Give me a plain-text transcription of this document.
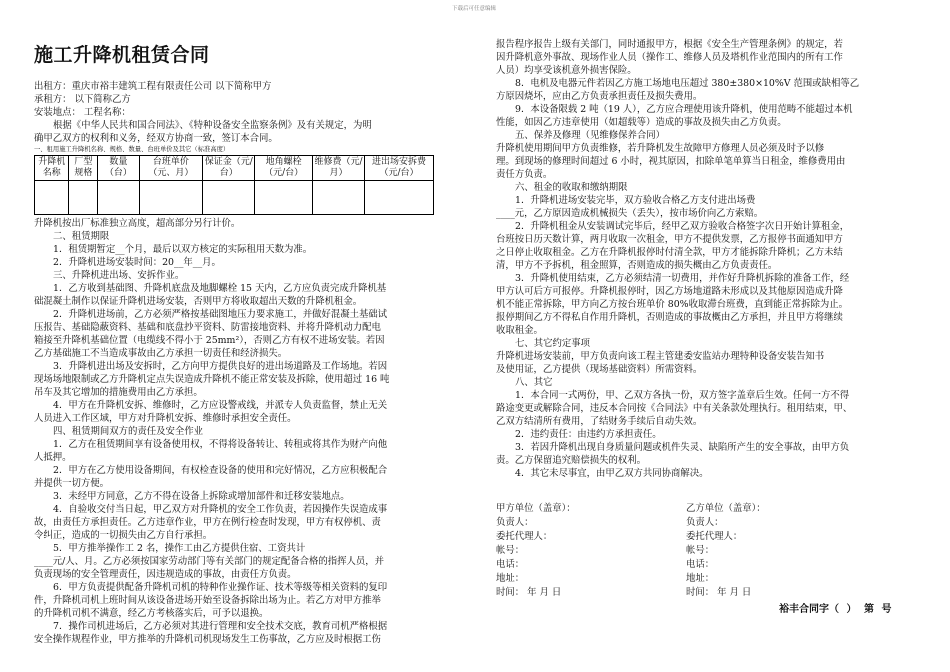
下载后可任意编辑
施工升降机租赁合同
出租方：重庆市裕丰建筑工程有限责任公司 以下简称甲方
承租方： 以下简称乙方
安装地点： 工程名称：
根据《中华人民共和国合同法》、《特种设备安全监察条例》及有关规定，为明
确甲乙双方的权利和义务，经双方协商一致，签订本合同。
一、租用施工升降机名称、规格、数量、台班单价及其它（标准高度）
升降机名称	厂型规格	数量（台）	台班单价（元、月）	保证金（元/台）	地角螺栓（元/台）	维修费（元/月）	进出场安拆费（元/台）

升降机按出厂标准独立高度，超高部分另行计价。
二、租赁期限
1．租赁期暂定__个月，最后以双方核定的实际租用天数为准。
2．升降机进场安装时间：20__年__月。
三、升降机进出场、安拆作业。
1．乙方收到基础图、升降机底盘及地脚螺栓 15 天内，乙方应负责完成升降机基
础混凝土制作以保证升降机进场安装，否则甲方将收取超出天数的升降机租金。
2．升降机进场前，乙方必须严格按基础图地压力要求施工，并做好混凝土基础试
压报告、基础隐蔽资料、基础和底盘抄平资料、防雷接地资料、并将升降机动力配电
箱接至升降机基础位置（电缆线不得小于 25mm²），否则乙方有权不进场安装。若因
乙方基础施工不当造成事故由乙方承担一切责任和经济损失。
3．升降机进出场及安拆时，乙方向甲方提供良好的进出场道路及工作场地。若因
现场场地限制或乙方升降机定点失误造成升降机不能正常安装及拆除，使用超过 16 吨
吊车及其它增加的措施费用由乙方承担。
4．甲方在升降机安拆、维修时，乙方应设警戒线，并派专人负责监督，禁止无关
人员进入工作区域，甲方对升降机安拆、维修时承担安全责任。
四、租赁期间双方的责任及安全作业
1．乙方在租赁期间享有设备使用权，不得将设备转让、转租或将其作为财产向他
人抵押。
2．甲方在乙方使用设备期间，有权检查设备的使用和完好情况，乙方应积极配合
并提供一切方便。
3．未经甲方同意，乙方不得在设备上拆除或增加部件和迁移安装地点。
4．自验收交付当日起，甲乙双方对升降机的安全工作负责，若因操作失误造成事
故，由责任方承担责任。乙方违章作业，甲方在例行检查时发现，甲方有权停机、责
令纠正，造成的一切损失由乙方自行承担。
5．甲方推举操作工 2 名，操作工由乙方提供住宿、工资共计
____元/人、月。乙方必须按国家劳动部门等有关部门的规定配备合格的指挥人员，并
负责现场的安全管理责任，因违规造成的事故，由责任方负责。
6．甲方负责提供配备升降机司机的特种作业操作证、技术等级等相关资料的复印
件，升降机司机上班时间从该设备进场开始至设备拆除出场为止。若乙方对甲方推举
的升降机司机不满意，经乙方考核落实后，可予以退换。
7．操作司机进场后，乙方必须对其进行管理和安全技术交底，教育司机严格根据
安全操作规程作业，甲方推举的升降机司机现场发生工伤事故，乙方应及时根据工伤
报告程序报告上级有关部门，同时通报甲方，根据《安全生产管理条例》的规定，若
因升降机意外事故、现场作业人员（操作工、维修人员及塔机作业范围内的所有工作
人员）均享受该机意外损害保险。
8．电机及电器元件若因乙方施工场地电压超过 380±380×10%V 范围或缺相等乙
方原因烧坏，应由乙方负责承担责任及损失费用。
9．本设备限载 2 吨（19 人），乙方应合理使用该升降机，使用范畴不能超过本机
性能，如因乙方违章使用（如超载等）造成的事故及损失由乙方负责。
五、保养及修理（见维修保养合同）
升降机使用期间甲方负责维修，若升降机发生故障甲方修理人员必须及时予以修
理。到现场的修理时间超过 6 小时，视其原因，扣除单笔单算当日租金，维修费用由
责任方负责。
六、租金的收取和缴纳期限
1．升降机进场安装完毕，双方验收合格乙方支付进出场费
____元，乙方原因造成机械损失（丢失），按市场价向乙方索赔。
2．升降机租金从安装调试完毕后，经甲乙双方验收合格签字次日开始计算租金，
台班按日历天数计算，两月收取一次租金，甲方不提供发票，乙方报停书面通知甲方
之日停止收取租金。乙方在升降机报停时付清全款，甲方才能拆除升降机；乙方未结
清，甲方不予拆机，租金照算，否则造成的损失概由乙方负责责任。
3．升降机使用结束，乙方必须结清一切费用，并作好升降机拆除的准备工作，经
甲方认可后方可报停。升降机报停时，因乙方场地道路未形成以及其他原因造成升降
机不能正常拆除，甲方向乙方按台班单价 80%收取滞台班费，直到能正常拆除为止。
报停期间乙方不得私自作用升降机，否则造成的事故概由乙方承担，并且甲方将继续
收取租金。
七、其它约定事项
升降机进场安装前，甲方负责向该工程主管建委安监站办理特种设备安装告知书
及使用证，乙方提供（现场基础资料）所需资料。
八、其它
1．本合同一式两份，甲、乙双方各执一份，双方签字盖章后生效。任何一方不得
路途变更或解除合同，违反本合同按《合同法》中有关条款处理执行。租用结束，甲、
乙双方结清所有费用，了结财务手续后自动失效。
2．违约责任：由违约方承担责任。
3．若因升降机出现自身质量问题或机件失灵、缺陷所产生的安全事故，由甲方负
责。乙方保留追究赔偿损失的权利。
4．其它未尽事宜，由甲乙双方共同协商解决。
甲方单位（盖章）：
负责人：
委托代理人：
帐号：
电话：
地址：
时间： 年 月 日
乙方单位（盖章）：
负责人：
委托代理人：
帐号：
电话：
地址：
时间： 年 月 日
裕丰合同字（ ） 第 号
